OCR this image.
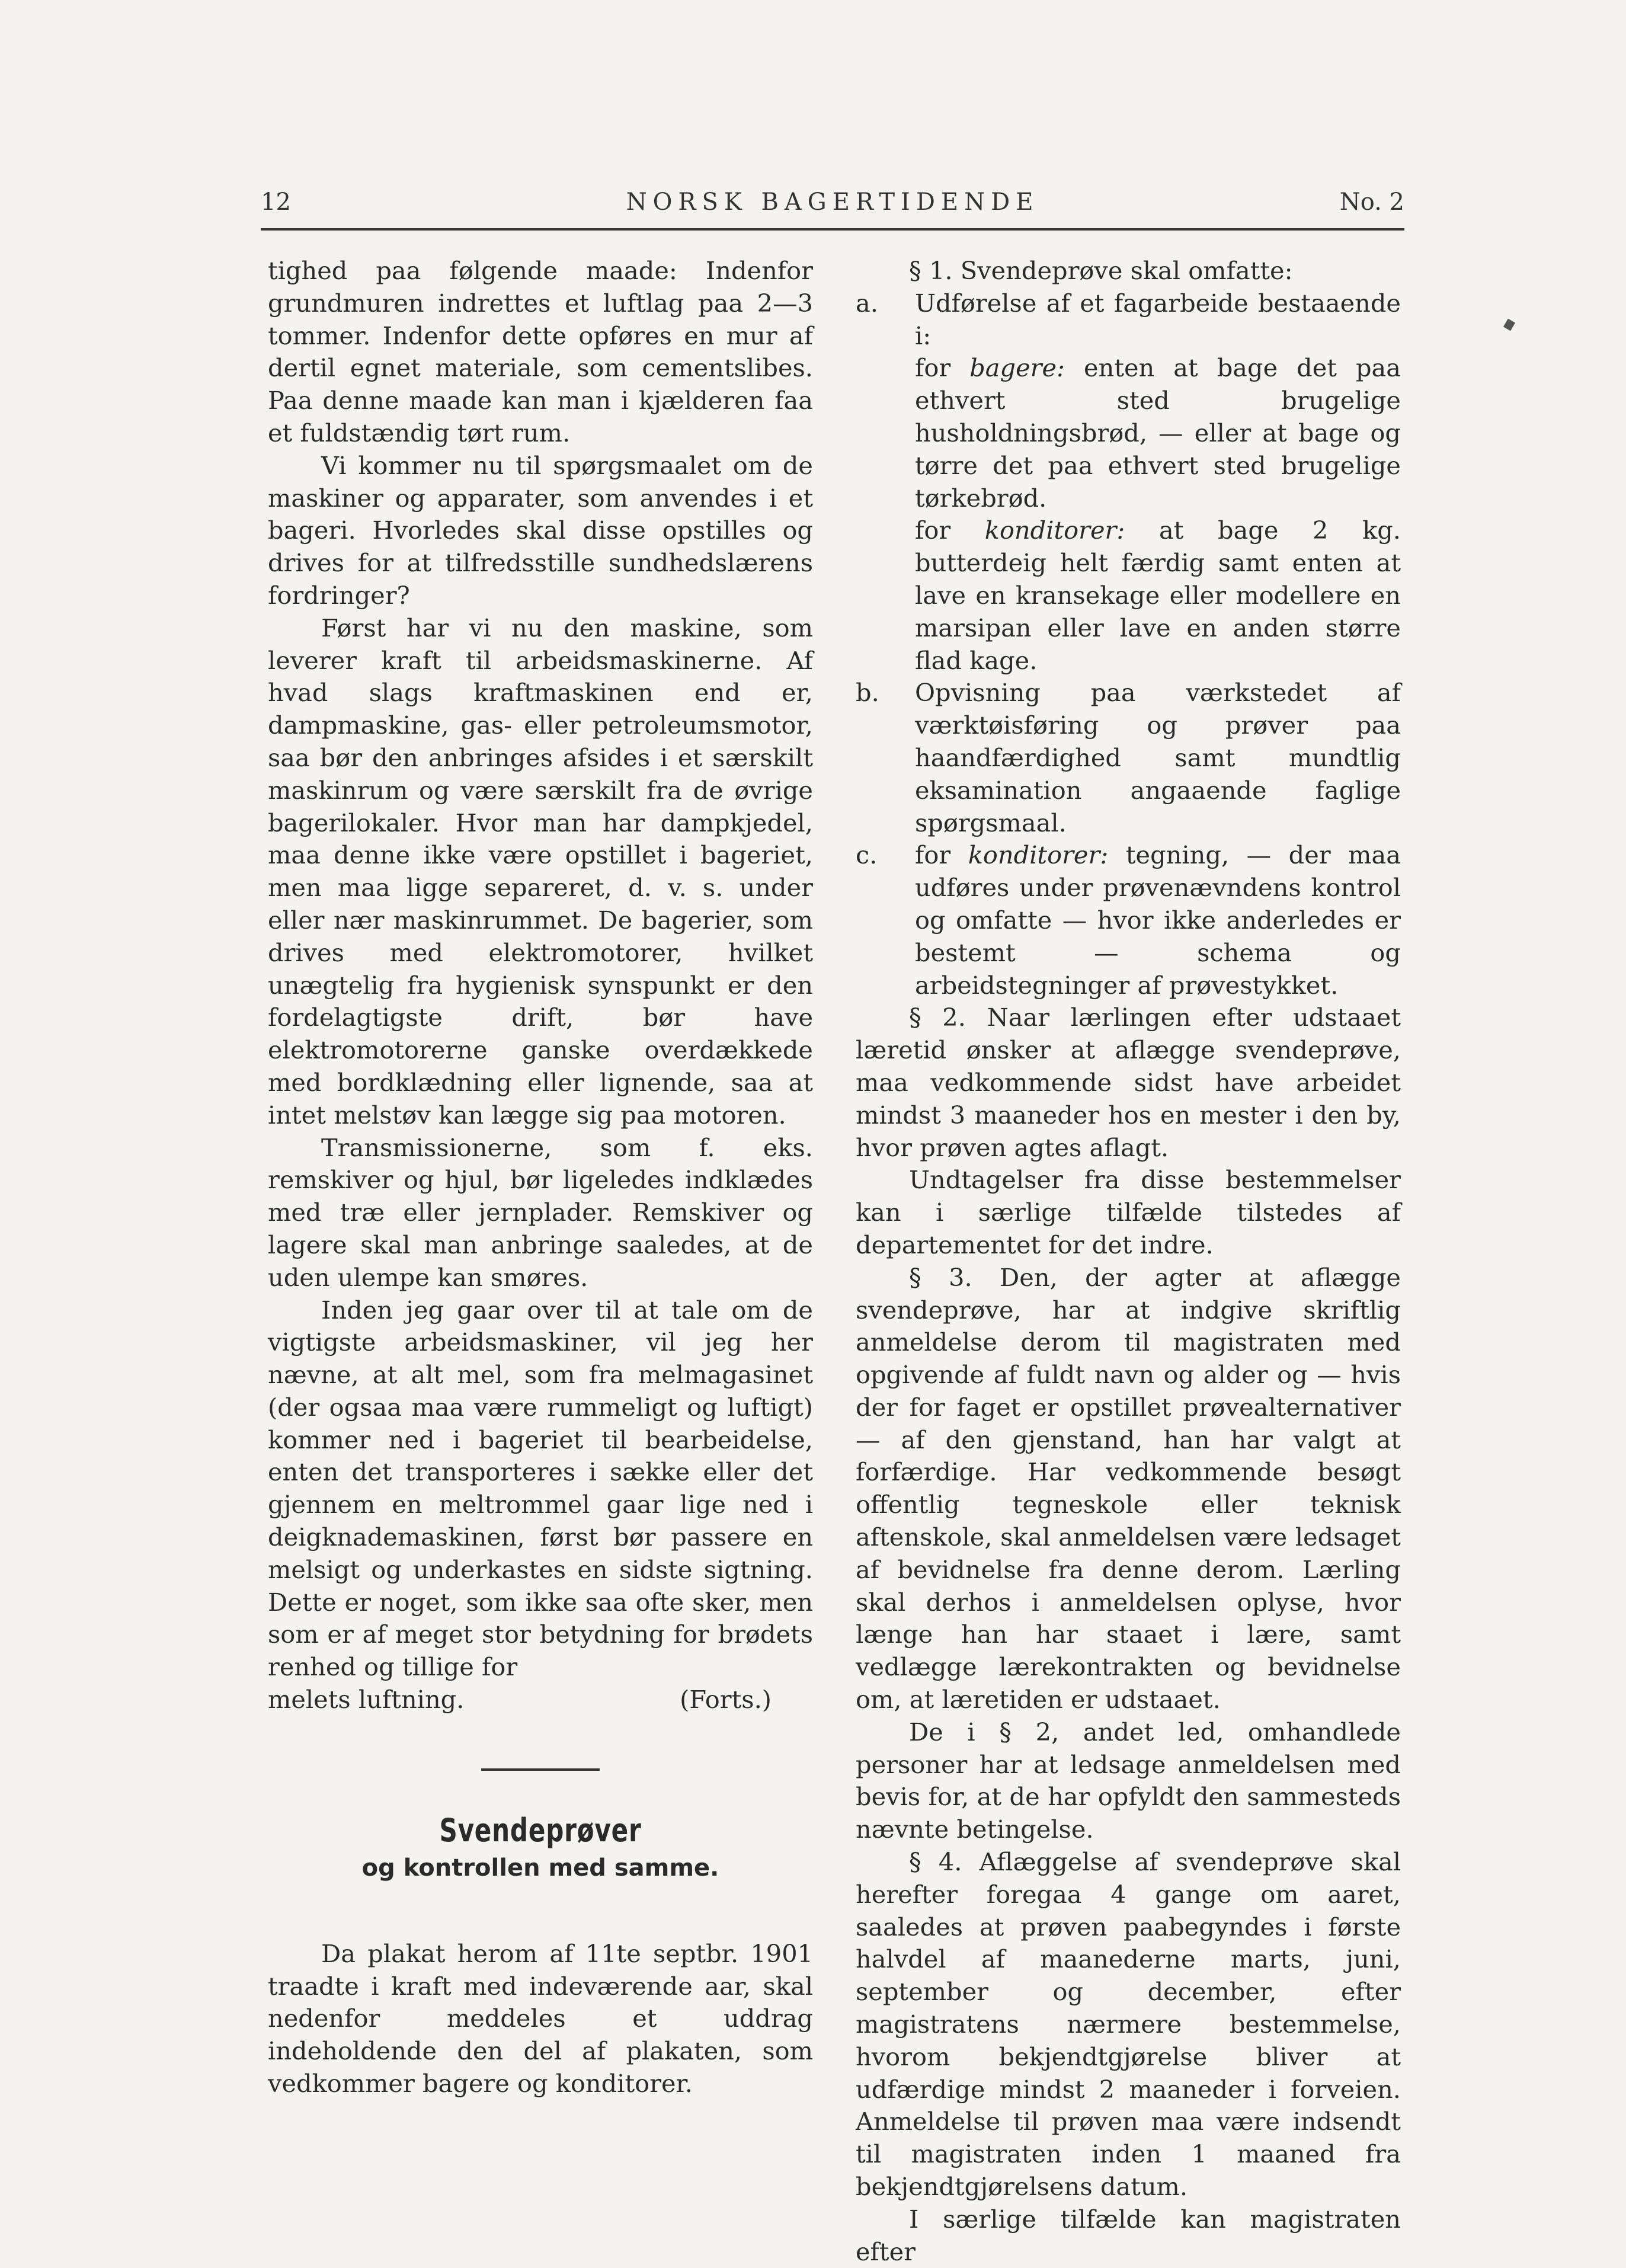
12	NORSK BAGERTIDENDE	No. 2

tighed paa følgende maade: Indenfor grundmuren indrettes et luftlag paa 2—3 tommer. Indenfor dette opføres en mur af dertil egnet materiale, som cementslibes. Paa denne maade kan man i kjælderen faa et fuldstændig tørt rum.

Vi kommer nu til spørgsmaalet om de maskiner og apparater, som anvendes i et bageri. Hvorledes skal disse opstilles og drives for at tilfredsstille sundhedslærens fordringer?

Først har vi nu den maskine, som leverer kraft til arbeidsmaskinerne. Af hvad slags kraftmaskinen end er, dampmaskine, gas- eller petroleumsmotor, saa bør den anbringes afsides i et særskilt maskinrum og være særskilt fra de øvrige bagerilokaler. Hvor man har dampkjedel, maa denne ikke være opstillet i bageriet, men maa ligge separeret, d. v. s. under eller nær maskinrummet. De bagerier, som drives med elektromotorer, hvilket unægtelig fra hygienisk synspunkt er den fordelagtigste drift, bør have elektromotorerne ganske overdækkede med bordklædning eller lignende, saa at intet melstøv kan lægge sig paa motoren.

Transmissionerne, som f. eks. remskiver og hjul, bør ligeledes indklædes med træ eller jernplader. Remskiver og lagere skal man anbringe saaledes, at de uden ulempe kan smøres.

Inden jeg gaar over til at tale om de vigtigste arbeidsmaskiner, vil jeg her nævne, at alt mel, som fra melmagasinet (der ogsaa maa være rummeligt og luftigt) kommer ned i bageriet til bearbeidelse, enten det transporteres i sække eller det gjennem en meltrommel gaar lige ned i deigknademaskinen, først bør passere en melsigt og underkastes en sidste sigtning. Dette er noget, som ikke saa ofte sker, men som er af meget stor betydning for brødets renhed og tillige for

melets luftning.	(Forts.)
Svendeprøver
og kontrollen med samme.

Da plakat herom af 11te septbr. 1901 traadte i kraft med indeværende aar, skal nedenfor meddeles et uddrag indeholdende den del af plakaten, som vedkommer bagere og konditorer.

§ 1. Svendeprøve skal omfatte:

a.	Udførelse af et fagarbeide bestaaende i:

for bagere: enten at bage det paa ethvert sted brugelige husholdningsbrød, — eller at bage og tørre det paa ethvert sted brugelige tørkebrød.

for konditorer: at bage 2 kg. butterdeig helt færdig samt enten at lave en kransekage eller modellere en marsipan eller lave en anden større flad kage.

b.	Opvisning paa værkstedet af værktøisføring og prøver paa haandfærdighed samt mundtlig eksamination angaaende faglige spørgsmaal.
c.	for konditorer: tegning, — der maa udføres under prøvenævndens kontrol og omfatte — hvor ikke anderledes er bestemt — schema og arbeidstegninger af prøvestykket.

§ 2. Naar lærlingen efter udstaaet læretid ønsker at aflægge svendeprøve, maa vedkommende sidst have arbeidet mindst 3 maaneder hos en mester i den by, hvor prøven agtes aflagt.

Undtagelser fra disse bestemmelser kan i særlige tilfælde tilstedes af departementet for det indre.

§ 3. Den, der agter at aflægge svendeprøve, har at indgive skriftlig anmeldelse derom til magistraten med opgivende af fuldt navn og alder og — hvis der for faget er opstillet prøvealternativer — af den gjenstand, han har valgt at forfærdige. Har vedkommende besøgt offentlig tegneskole eller teknisk aftenskole, skal anmeldelsen være ledsaget af bevidnelse fra denne derom. Lærling skal derhos i anmeldelsen oplyse, hvor længe han har staaet i lære, samt vedlægge lærekontrakten og bevidnelse om, at læretiden er udstaaet.

De i § 2, andet led, omhandlede personer har at ledsage anmeldelsen med bevis for, at de har opfyldt den sammesteds nævnte betingelse.

§ 4. Aflæggelse af svendeprøve skal herefter foregaa 4 gange om aaret, saaledes at prøven paabegyndes i første halvdel af maanederne marts, juni, september og december, efter magistratens nærmere bestemmelse, hvorom bekjendtgjørelse bliver at udfærdige mindst 2 maaneder i forveien. Anmeldelse til prøven maa være indsendt til magistraten inden 1 maaned fra bekjendtgjørelsens datum.

I særlige tilfælde kan magistraten efter
